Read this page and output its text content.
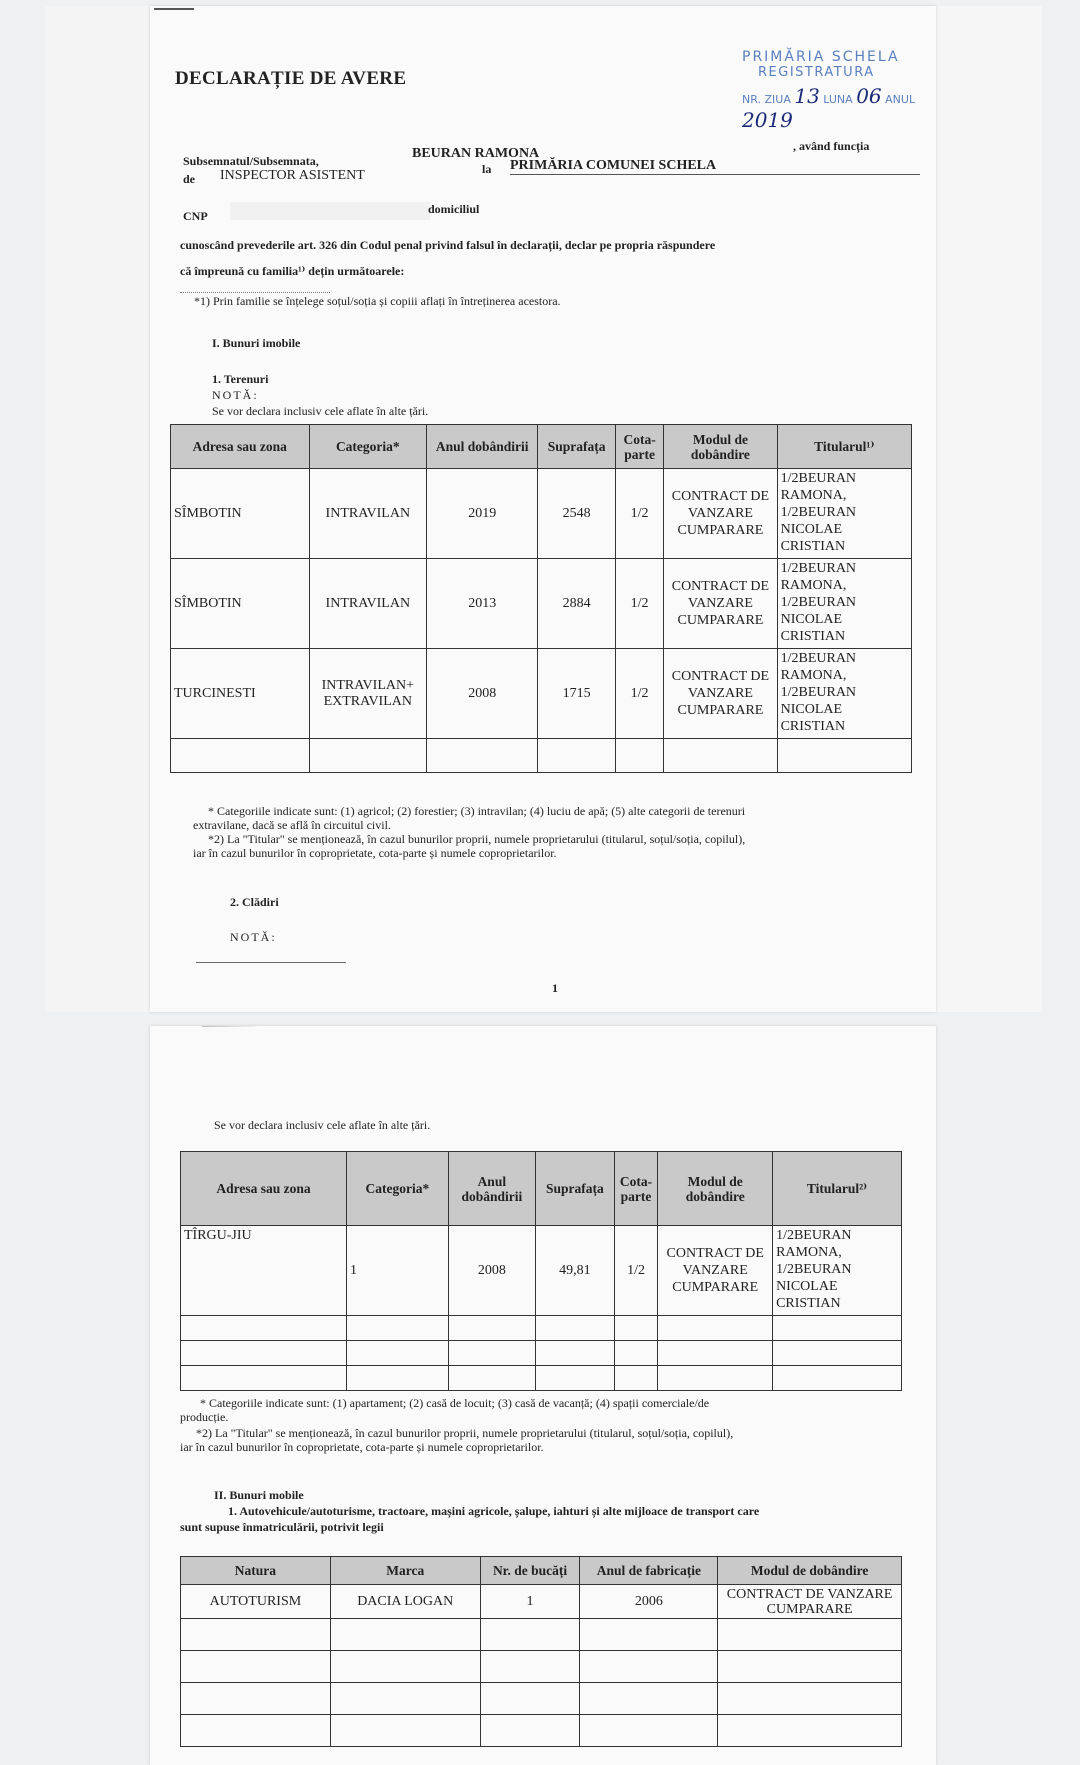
DECLARAȚIE DE AVERE
PRIMĂRIA SCHELA
REGISTRATURA
NR. ZIUA 13 LUNA 06 ANUL 2019
Subsemnatul/Subsemnata,	BEURAN RAMONA	, având funcția
de INSPECTOR ASISTENT	la PRIMĂRIA COMUNEI SCHELA
CNP	domiciliul
cunoscând prevederile art. 326 din Codul penal privind falsul în declarații, declar pe propria răspundere
că împreună cu familia¹⁾ dețin următoarele:
*1) Prin familie se înțelege soțul/soția și copiii aflați în întreținerea acestora.
I. Bunuri imobile
1. Terenuri
NOTĂ:
Se vor declara inclusiv cele aflate în alte țări.
Adresa sau zona	Categoria*	Anul dobândirii	Suprafața	Cota-parte	Modul de dobândire	Titularul¹⁾
SÎMBOTIN	INTRAVILAN	2019	2548	1/2	CONTRACT DE VANZARE CUMPARARE	1/2BEURAN RAMONA, 1/2BEURAN NICOLAE CRISTIAN
SÎMBOTIN	INTRAVILAN	2013	2884	1/2	CONTRACT DE VANZARE CUMPARARE	1/2BEURAN RAMONA, 1/2BEURAN NICOLAE CRISTIAN
TURCINESTI	INTRAVILAN+ EXTRAVILAN	2008	1715	1/2	CONTRACT DE VANZARE CUMPARARE	1/2BEURAN RAMONA, 1/2BEURAN NICOLAE CRISTIAN

* Categoriile indicate sunt: (1) agricol; (2) forestier; (3) intravilan; (4) luciu de apă; (5) alte categorii de terenuri
extravilane, dacă se află în circuitul civil.
*2) La "Titular" se menționează, în cazul bunurilor proprii, numele proprietarului (titularul, soțul/soția, copilul),
iar în cazul bunurilor în coproprietate, cota-parte și numele coproprietarilor.
2. Clădiri
NOTĂ:
1
Se vor declara inclusiv cele aflate în alte țări.
Adresa sau zona	Categoria*	Anul dobândirii	Suprafața	Cota-parte	Modul de dobândire	Titularul²⁾
TÎRGU-JIU	1	2008	49,81	1/2	CONTRACT DE VANZARE CUMPARARE	1/2BEURAN RAMONA, 1/2BEURAN NICOLAE CRISTIAN

* Categoriile indicate sunt: (1) apartament; (2) casă de locuit; (3) casă de vacanță; (4) spații comerciale/de
producție.
*2) La "Titular" se menționează, în cazul bunurilor proprii, numele proprietarului (titularul, soțul/soția, copilul),
iar în cazul bunurilor în coproprietate, cota-parte și numele coproprietarilor.
II. Bunuri mobile
1. Autovehicule/autoturisme, tractoare, mașini agricole, șalupe, iahturi și alte mijloace de transport care
sunt supuse înmatriculării, potrivit legii
Natura	Marca	Nr. de bucăți	Anul de fabricație	Modul de dobândire
AUTOTURISM	DACIA LOGAN	1	2006	CONTRACT DE VANZARE CUMPARARE
